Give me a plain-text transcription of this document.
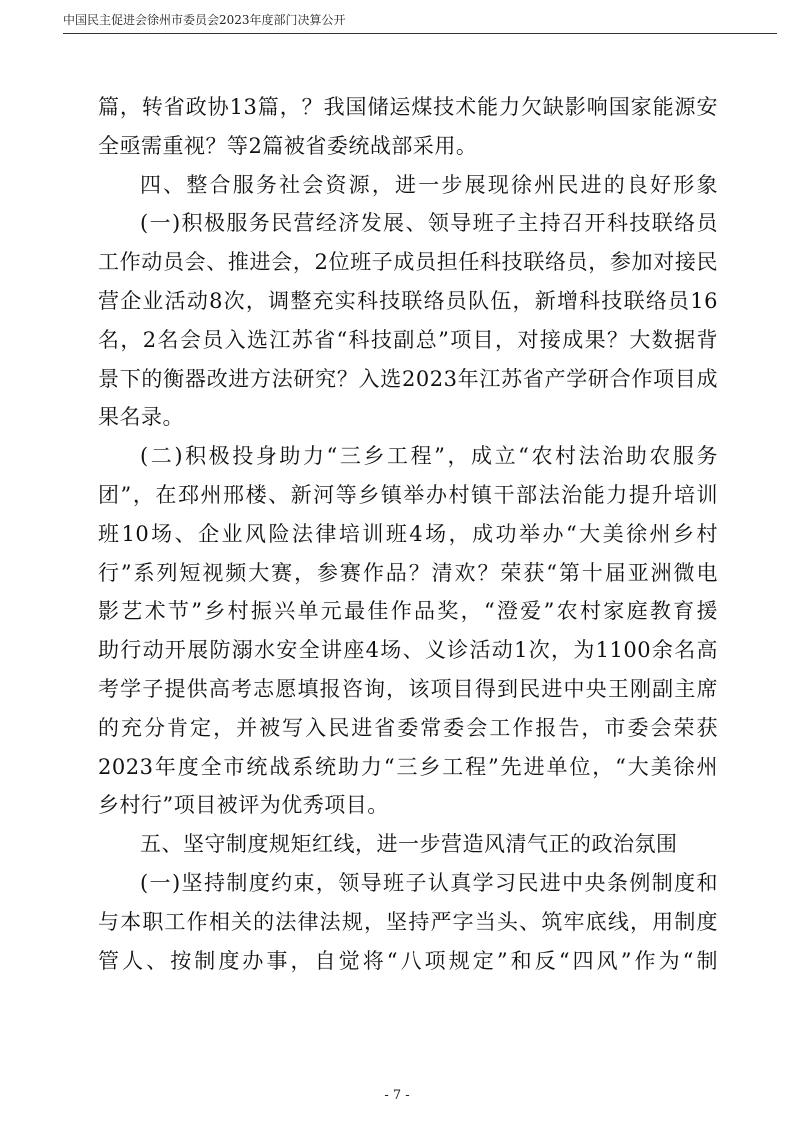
中国民主促进会徐州市委员会2023年度部门决算公开
篇，转省政协13篇，？我国储运煤技术能力欠缺影响国家能源安
全亟需重视？等2篇被省委统战部采用。
四、整合服务社会资源，进一步展现徐州民进的良好形象
(一)积极服务民营经济发展、领导班子主持召开科技联络员
工作动员会、推进会，2位班子成员担任科技联络员，参加对接民
营企业活动8次，调整充实科技联络员队伍，新增科技联络员16
名，2名会员入选江苏省“科技副总”项目，对接成果？大数据背
景下的衡器改进方法研究？入选2023年江苏省产学研合作项目成
果名录。
(二)积极投身助力“三乡工程”，成立“农村法治助农服务
团”，在邳州邢楼、新河等乡镇举办村镇干部法治能力提升培训
班10场、企业风险法律培训班4场，成功举办“大美徐州乡村
行”系列短视频大赛，参赛作品？清欢？荣获“第十届亚洲微电
影艺术节”乡村振兴单元最佳作品奖，“澄爱”农村家庭教育援
助行动开展防溺水安全讲座4场、义诊活动1次，为1100余名高
考学子提供高考志愿填报咨询，该项目得到民进中央王刚副主席
的充分肯定，并被写入民进省委常委会工作报告，市委会荣获
2023年度全市统战系统助力“三乡工程”先进单位，“大美徐州
乡村行”项目被评为优秀项目。
五、坚守制度规矩红线，进一步营造风清气正的政治氛围
(一)坚持制度约束，领导班子认真学习民进中央条例制度和
与本职工作相关的法律法规，坚持严字当头、筑牢底线，用制度
管人、按制度办事，自觉将“八项规定”和反“四风”作为“制
- 7 -
